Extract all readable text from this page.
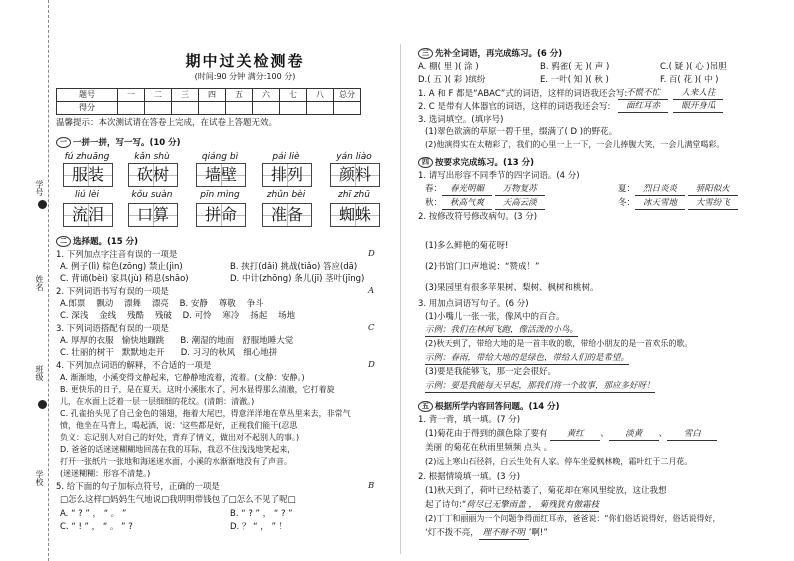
学号
姓名
班级
学校
期中过关检测卷
(时间:90 分钟 满分:100 分)
题号	一	二	三	四	五	六	七	八	总分
得分									
温馨提示：本次测试请在答卷上完成，在试卷上答题无效。
一 一拼一拼，写一写。(10 分)
fú zhuāng	kǎn shù	qiáng bì	pái liè	yán liào
服装	砍树	墙壁	排列	颜料
liú lèi	kǒu suàn	pīn mìng	zhǔn bèi	zhī zhū
流泪	口算	拼命	准备	蜘蛛
二 选择题。(15 分)
1. 下列加点字注音有误的一项是	D
A. 例子(lì) 棕色(zōng) 禁止(jìn)	B. 挟打(dǎi) 挑战(tiǎo) 答应(dā)
C. 背诵(bèi) 家具(jù) 稍息(shāo)	D. 中计(zhōng) 条儿(jī) 茎叶(jīng)
2. 下列词语书写有误的一项是	A
A.郎票 飘动 漂舞 漂亮 B. 安静 尊敬 争斗
C. 深浅 金线 残酷 残破 D. 可怜 寒冷 扬起 场地
3. 下列词语搭配有误的一项是	C
A. 厚厚的衣服 愉快地蹦跳 B. 潮湿的地面 舒服地睡大觉
C. 壮丽的树干 默默地走开 D. 习习的秋风 细心地拼
4. 下列加点词语的解释，不合适的一项是	D
A. 渐渐地，小溪变得文静起来，它静静地流着，流着。(文静：安静。)
B. 更快乐的日子，是在夏天。这时小溪胀水了，河水显得那么清澈，它打着旋
儿，在水面上泛着一层一层细细的花纹。(清朗：清澈。)
C. 孔雀抬头见了自己金色的翎翅，拖着大尾巴，得意洋洋地在草丛里来去，非常气
愤，他坐在马背上，喝起酒，说：'这些都是好，正视我们能干(忍思
负义：忘记别人对自己的好处，背弃了情义，做出对不起别人的事。)
D. 爸爸的话迷迷糊糊地回荡在我的耳际，我忍不住浅浅地笑起来，
打开一张纸片一张地和海迷迷水面，小溪的水渐渐地没有了声音。
(迷迷糊糊：形容不清楚。)
5. 给下面的句子加标点符号，正确的一项是	B
□怎么这样□妈妈生气地说□我明明带钱包了□怎么不见了呢□
A. “ ? ” ， “ 。 ”	B. “ ? ” ， “ ? ”
C. “ ! ” ， “ 。 ” ?	D. ？ “ ， ” ！
三 先补全词语，再完成练习。(6 分)
A. 棚( 里 )( 涂 )	B. 鸦雀( 无 )( 声 )	C.( 疑 )( 心 )吊胆
D.( 五 )( 彩 )缤纷	E. 一叶( 知 )( 秋 )	F. 百( 花 )( 中 )
1. A 和 F 都是“ABAC”式的词语，这样的词语我还会写:
不慌不忙	人来人往
2. C 是带有人体器官的词语，这样的词语我还会写:	面红耳赤	眼开身瓜
3. 选词填空。(填序号)
(1)翠色欲滴的草原一碧千里，缀满了( D )的野花。
(2)他演得实在太精彩了，我们的心里一上一下，一会儿捧腹大笑，一会儿满堂喝彩。
四 按要求完成练习。(13 分)
1. 请写出形容不同季节的四字词语。(4 分)
春： 春光明媚 万物复苏	夏： 烈日炎炎 骄阳似火
秋： 秋高气爽 天高云淡	冬： 冰天雪地 大雪纷飞
2. 按修改符号修改病句。(3 分)
(1)多么鲜艳的菊花呀!
(2)书馆门口声地说：“赞成！”
(3)果园里有很多苹果树、梨树、枫树和桃树。
3. 用加点词语写句子。(6 分)
(1)小嘴儿一张一张，像风中的百合。
示例：我们在林间飞跑，像活泼的小鸟。
(2)秋天到了，带给大地的是一首丰收的歌，带给小朋友的是一首欢乐的歌。
示例：春雨，带给大地的是绿色，带给人们的是希望。
(3)要是我能够飞，那一定会很好。
示例：要是我能每天早起，那我们将一个故事，那应多好呀！
五 根据所学内容回答问题。(14 分)
1. 背一背，填一填。(7 分)
(1)菊花由于得到的颜色除了要有 黄红 、 淡黄 、 雪白
美丽 的菊花在秋雨里频频 点头 。
(2)远上寒山石径斜，白云生处有人家。停车坐爱枫林晚，霜叶红于二月花。
2. 根据情境填一填。(3 分)
(1)秋天到了，荷叶已经枯萎了，菊花却在寒风里绽放，这让我想
起了诗句:“荷尽已无擎雨盖 ， 菊残犹有傲霜枝
(2)丁丁和丽丽为一个问题争得面红耳赤，爸爸说：“你们俗话说得好，俗话说得好，
‘灯不拨不亮， 理不辩不明 ’啊!”
